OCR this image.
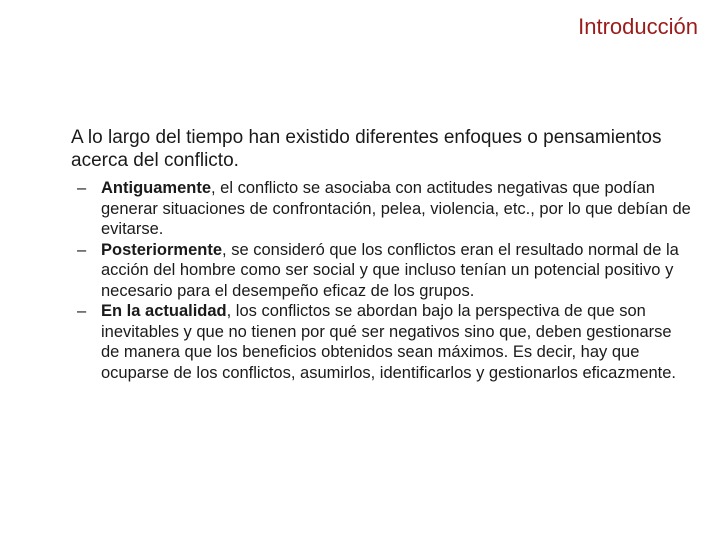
Introducción

A lo largo del tiempo han existido diferentes enfoques o pensamientos acerca del conflicto.

– Antiguamente, el conflicto se asociaba con actitudes negativas que podían generar situaciones de confrontación, pelea, violencia, etc., por lo que debían de evitarse.
– Posteriormente, se consideró que los conflictos eran el resultado normal de la acción del hombre como ser social y que incluso tenían un potencial positivo y necesario para el desempeño eficaz de los grupos.
– En la actualidad, los conflictos se abordan bajo la perspectiva de que son inevitables y que no tienen por qué ser negativos sino que, deben gestionarse de manera que los beneficios obtenidos sean máximos. Es decir, hay que ocuparse de los conflictos, asumirlos, identificarlos y gestionarlos eficazmente.
